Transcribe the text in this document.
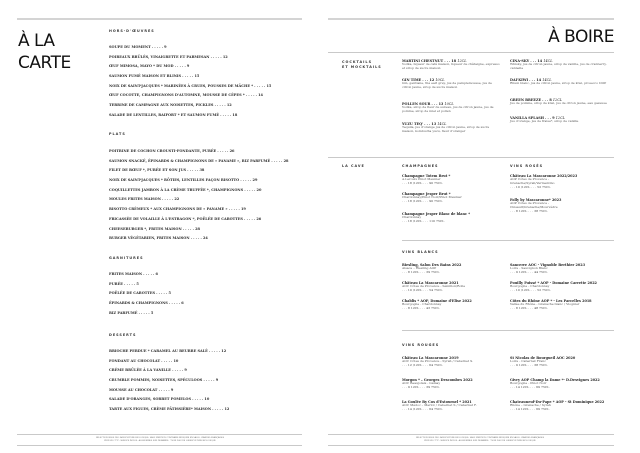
À LA
CARTE
HORS-D'ŒUVRES
SOUPE DU MOMENT . . . . . 9
POIREAUX BRÛLÉS, VINAIGRETTE ET PARMESAN . . . . . 12
ŒUF MIMOSA, MAYO * DU MOD . . . . . 9
SAUMON FUMÉ MAISON ET BLINIS . . . . . 15
NOIX DE SAINT-JACQUES * MARINÉES À CRUES, POUSSES DE MÂCHE * . . . . . 15
ŒUF COCOTTE, CHAMPIGNONS D'AUTOMNE, MOUSSE DE CÈPES * . . . . . 14
TERRINE DE CAMPAGNE AUX NOISETTES, PICKLES . . . . . 12
SALADE DE LENTILLES, RAIFORT * ET SAUMON FUMÉ . . . . . 18
PLATS
POITRINE DE COCHON CROUSTI-FONDANTE, PURÉE . . . . . 26
SAUMON SNACKÉ, ÉPINARDS & CHAMPIGNONS DE « PANAME », RIZ PARFUMÉ . . . . . 28
FILET DE BŒUF *, PURÉE ET SON JUS . . . . . 38
NOIX DE SAINT-JACQUES * RÔTIES, LENTILLES FAÇON RISOTTO . . . . . 29
COQUILLETTES JAMBON À LA CRÈME TRUFFÉE *, CHAMPIGNONS . . . . . 20
MOULES FRITES MAISON . . . . . 22
RISOTTO CRÉMEUX * AUX CHAMPIGNONS DE « PANAME » . . . . . 19
FRICASSÉE DE VOLAILLE À L'ESTRAGON *, POÊLÉE DE CAROTTES . . . . . 26
CHEESEBURGER *, FRITES MAISON . . . . . 28
BURGER VÉGÉTARIEN, FRITES MAISON . . . . . 24
GARNITURES
FRITES MAISON . . . . . 6
PURÉE . . . . . 5
POÊLÉE DE CAROTTES . . . . . 5
ÉPINARDS & CHAMPIGNONS . . . . . 6
RIZ PARFUMÉ . . . . . 5
DESSERTS
BRIOCHE PERDUE * CARAMEL AU BEURRE SALÉ . . . . . 12
FONDANT AU CHOCOLAT . . . . . 10
CRÈME BRÛLÉE À LA VANILLE . . . . . 9
CRUMBLE POMMES, NOISETTES, SPÉCULOOS . . . . . 9
MOUSSE AU CHOCOLAT . . . . . 9
SALADE D'ORANGES, SORBET POMELOS . . . . . 10
TARTE AUX FIGUES, CRÈME PÂTISSIÈRE* MAISON . . . . . 12
SÉLECTION ISSUE DE L'AGRICULTURE BIOLOGIQUE, SAUF MENTION CONTRAIRE INDIQUÉE EN SALLE. VIANDES FRANÇAISES
PRIX EN € TTC, SERVICE INCLUS. ALLERGÈNES SUR DEMANDE. * NON ISSU DE L'AGRICULTURE BIOLOGIQUE
À BOIRE
COCKTAILS
ET MOCKTAILS
MARTINI CHESTNUT . . . 18 12CL
Vodka, liqueur de café maison, liqueur de châtaigne, expresso et sirop de sucre maison
GIN TIME . . . 12 10CL
Gin, gentiane, thé earl grey, jus de pamplemousse, jus de citron jaune, sirop de sucre maison
POLLEN SOUR . . . 13 10CL
Vodka, sirop de fleur de sureau, jus de citron jaune, jus de pomme, sirop de miel et pollen
YUZU TEQ' . . . 13 14CL
Tequila, jus d'orange jus de citron jaune, sirop de sucre maison, kombucha yuzu, fleur d'oranger
CINA-SKY . . . 14 14CL
Whisky, jus de citron jaune, sirop de vanille, jus de cranberry, cannelle
DAI'KIWI . . . 14 14CL
Rhum blanc, jus de citron jaune, sirop de kiwi, prosecco DOP
GREEN BREEZE . . . 8 12CL
Jus de pomme, sirop de kiwi, jus de citron jaune, eau gazeuse
VANILLA SPLASH . . . 9 12CL
Jus d'orange, jus de fraise*, sirop de vanille
LA CAVE	CHAMPAGNES
Champagne Totem Brut *
A.Lerouix Pinot Meunier
. . . 18 /12CL . . . 90 75CL
Champagne Jesper Brut *
Chardonnay/Pinot Noir/Pinot Meunier
. . . 18 /12CL . . . 90 75CL
Champagne Jesper Blanc de blanc *
Chardonnay
. . . 18 /12CL . . . 110 75CL
VINS ROSÉS
Château La Mascaronne 2022/2023
AOP Côtes de Provence - Grenache/Syrah/Vermentino
. . . 10 /12CL . . . 52 75CL
Folly by Mascaronne* 2023
AOP Côtes de Provence - Cinsault/Grenache/Mourvèdre
. . . 8 12CL . . . 38 75CL
VINS BLANCS
Riesling, Salon Des Bains 2022
Alsace – Riesling AOP
. . . 8 12CL . . . 39 75CL
Château La Mascaronne 2021
AOC Côtes de Provence - Sémillon/Rolle
. . . 10 /12CL . . . 54 75CL
Chablis * AOP, Domaine d'Elise 2022
Bourgogne - Chardonnay
. . . 8 12CL . . . 43 75CL
Sancerre AOC - Vignoble Berthier 2023
Loire - Sauvignon Blanc
. . . 9 12CL . . . 44 75CL
Pouilly Fuissé * AOP - Domaine Carrette 2022
Bourgogne - Chardonnay
. . . 10 /12CL . . . 52 75CL
Côtes du Rhône AOP * - Les Parcelles 2018
Vallée du Rhône - Grenache blanc / Viognier
. . . 8 12CL . . . 48 75CL
VINS ROUGES
Château La Mascaronne 2019
AOC Côtes de Provence - Syrah / Cabernet S.
. . . 12 /12CL . . . 64 75CL
Morgon * – Georges Descombes 2022
AOC Beaujolais - Gamay
. . . 9 12CL . . . 39 75CL
La Goulée By Cos d'Estournel * 2021
AOC Médoc – Merlot / Cabernet S / Cabernet F.
. . . 14 /12CL . . . 64 75CL
St Nicolas de Bourgueil AOC 2020
Loire - Cabernet Franc
. . . 9 12CL . . . 38 75CL
Givry AOP Champ la Dame *- D.Desvignes 2022
Bourgogne - Pinot Noir
. . . 14 12CL . . . 69 75CL
Chateauneuf-Du-Pape * AOP - St Dominique 2022
Rhône – Grenache / Syrah
. . . 14 12CL . . . 69 75CL
SÉLECTION ISSUE DE L'AGRICULTURE BIOLOGIQUE, SAUF MENTION CONTRAIRE INDIQUÉE EN SALLE. VIANDES FRANÇAISES
PRIX EN € TTC, SERVICE INCLUS. ALLERGÈNES SUR DEMANDE. * NON ISSU DE L'AGRICULTURE BIOLOGIQUE
